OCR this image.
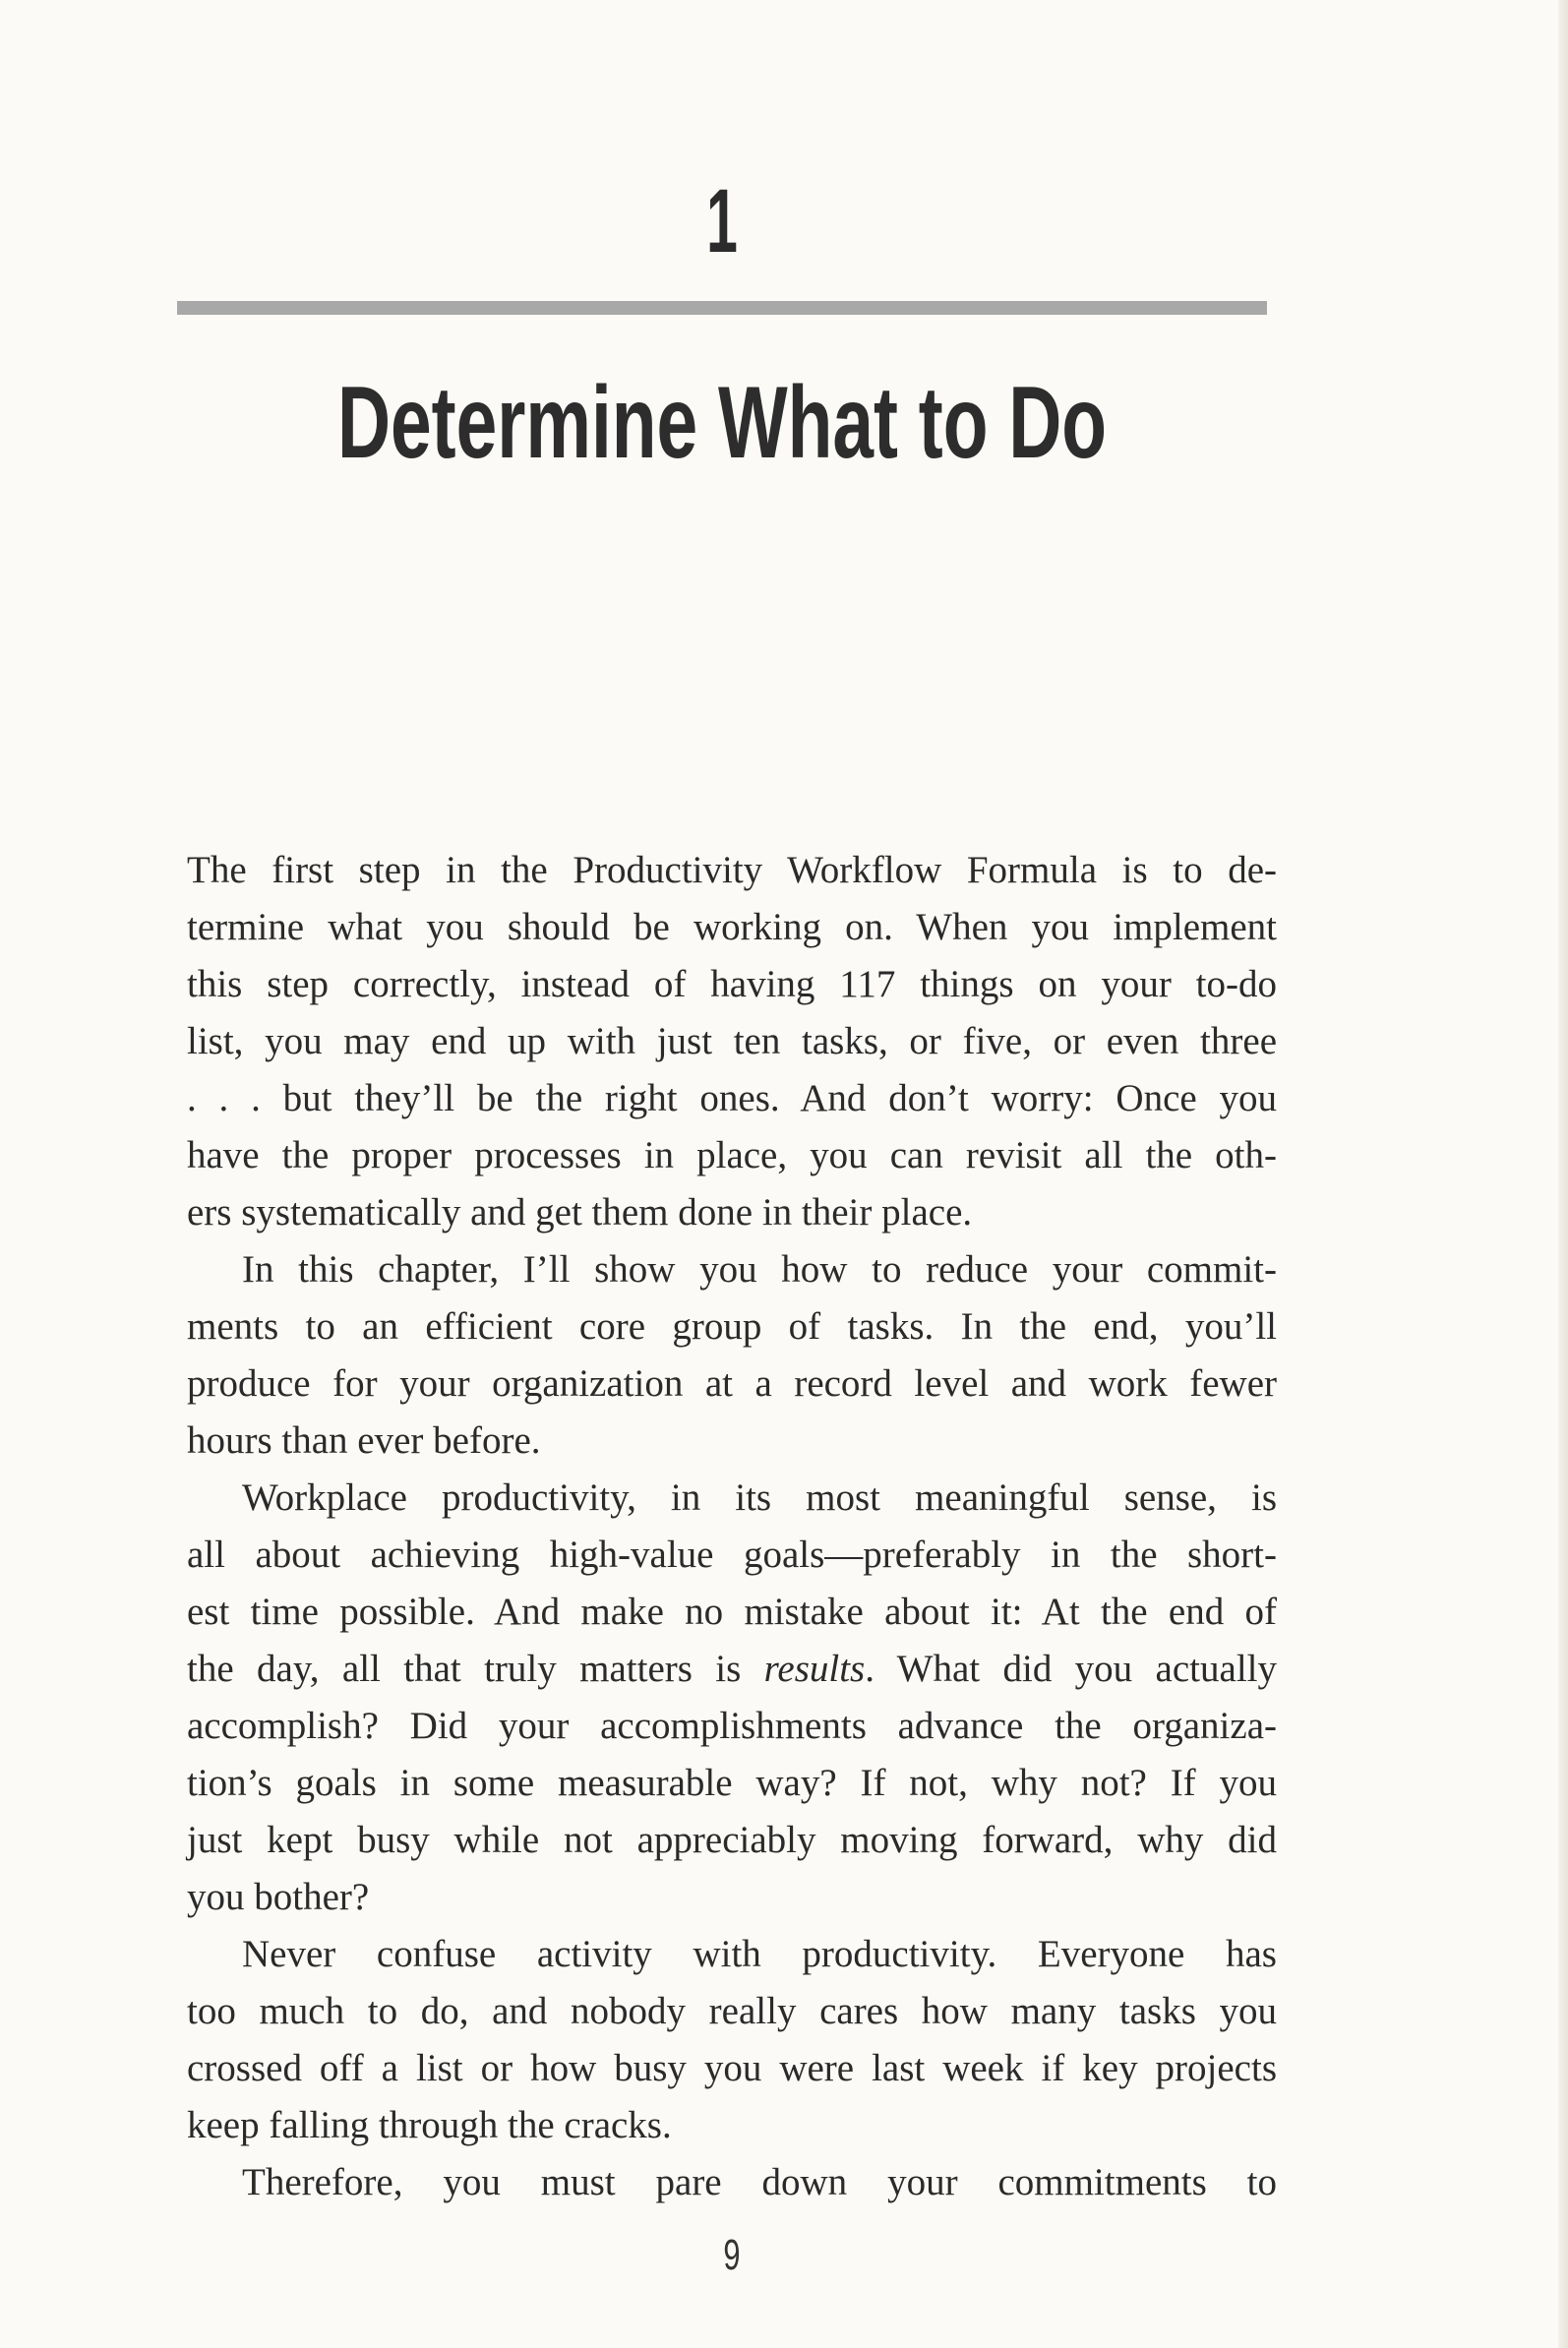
1
Determine What to Do
The first step in the Productivity Workflow Formula is to de-
termine what you should be working on. When you implement
this step correctly, instead of having 117 things on your to-do
list, you may end up with just ten tasks, or five, or even three
. . . but they’ll be the right ones. And don’t worry: Once you
have the proper processes in place, you can revisit all the oth-
ers systematically and get them done in their place.
In this chapter, I’ll show you how to reduce your commit-
ments to an efficient core group of tasks. In the end, you’ll
produce for your organization at a record level and work fewer
hours than ever before.
Workplace productivity, in its most meaningful sense, is
all about achieving high-value goals—preferably in the short-
est time possible. And make no mistake about it: At the end of
the day, all that truly matters is results. What did you actually
accomplish? Did your accomplishments advance the organiza-
tion’s goals in some measurable way? If not, why not? If you
just kept busy while not appreciably moving forward, why did
you bother?
Never confuse activity with productivity. Everyone has
too much to do, and nobody really cares how many tasks you
crossed off a list or how busy you were last week if key projects
keep falling through the cracks.
Therefore, you must pare down your commitments to
9
